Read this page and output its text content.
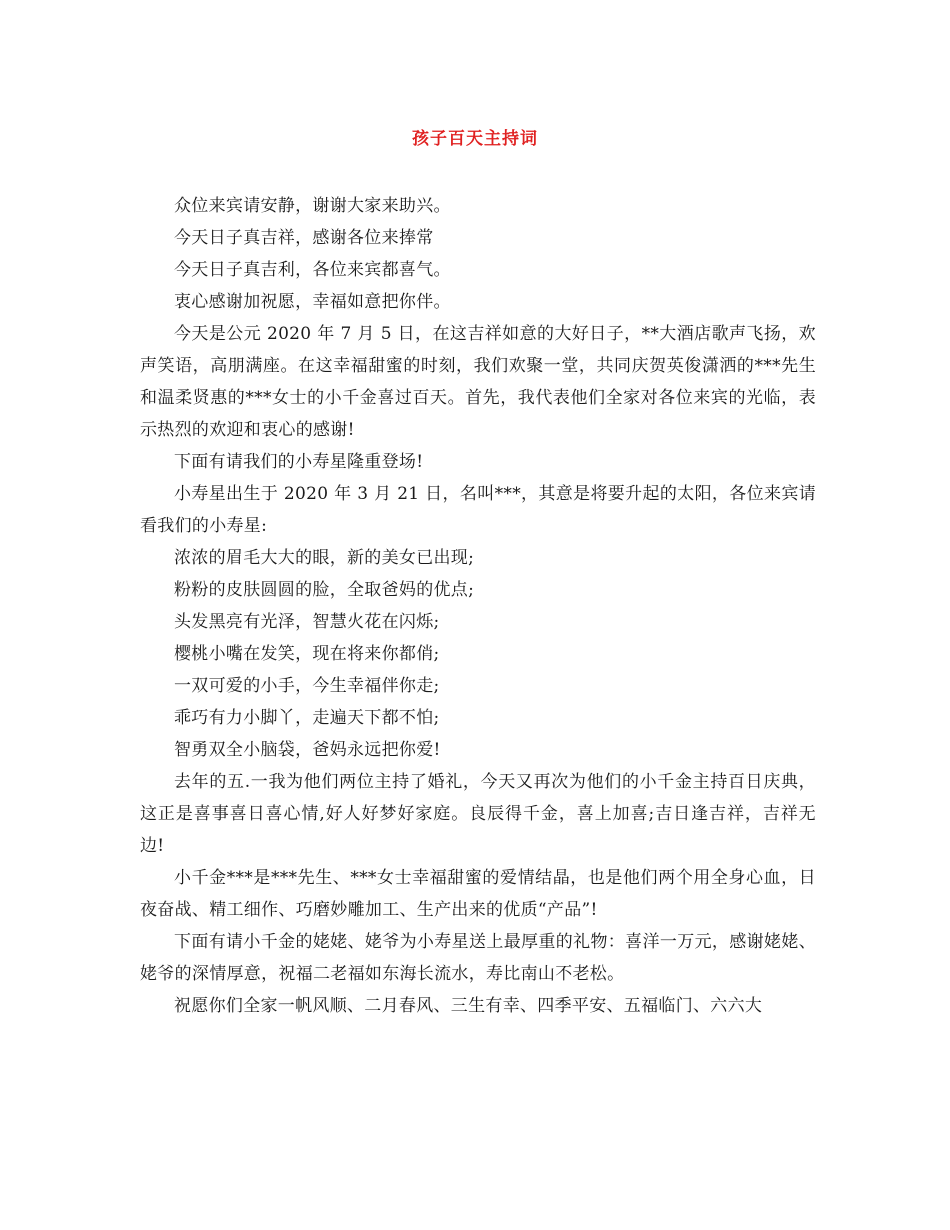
孩子百天主持词

众位来宾请安静，谢谢大家来助兴。

今天日子真吉祥，感谢各位来捧常

今天日子真吉利，各位来宾都喜气。

衷心感谢加祝愿，幸福如意把你伴。

今天是公元 2020 年 7 月 5 日，在这吉祥如意的大好日子，**大酒店歌声飞扬，欢声笑语，高朋满座。在这幸福甜蜜的时刻，我们欢聚一堂，共同庆贺英俊潇洒的***先生和温柔贤惠的***女士的小千金喜过百天。首先，我代表他们全家对各位来宾的光临，表示热烈的欢迎和衷心的感谢!

下面有请我们的小寿星隆重登场!

小寿星出生于 2020 年 3 月 21 日，名叫***，其意是将要升起的太阳，各位来宾请看我们的小寿星:

浓浓的眉毛大大的眼，新的美女已出现;

粉粉的皮肤圆圆的脸，全取爸妈的优点;

头发黑亮有光泽，智慧火花在闪烁;

樱桃小嘴在发笑，现在将来你都俏;

一双可爱的小手，今生幸福伴你走;

乖巧有力小脚丫，走遍天下都不怕;

智勇双全小脑袋，爸妈永远把你爱!

去年的五.一我为他们两位主持了婚礼，今天又再次为他们的小千金主持百日庆典，这正是喜事喜日喜心情,好人好梦好家庭。良辰得千金，喜上加喜;吉日逢吉祥，吉祥无边!

小千金***是***先生、***女士幸福甜蜜的爱情结晶，也是他们两个用全身心血，日夜奋战、精工细作、巧磨妙雕加工、生产出来的优质“产品”!

下面有请小千金的姥姥、姥爷为小寿星送上最厚重的礼物：喜洋一万元，感谢姥姥、姥爷的深情厚意，祝福二老福如东海长流水，寿比南山不老松。

祝愿你们全家一帆风顺、二月春风、三生有幸、四季平安、五福临门、六六大
